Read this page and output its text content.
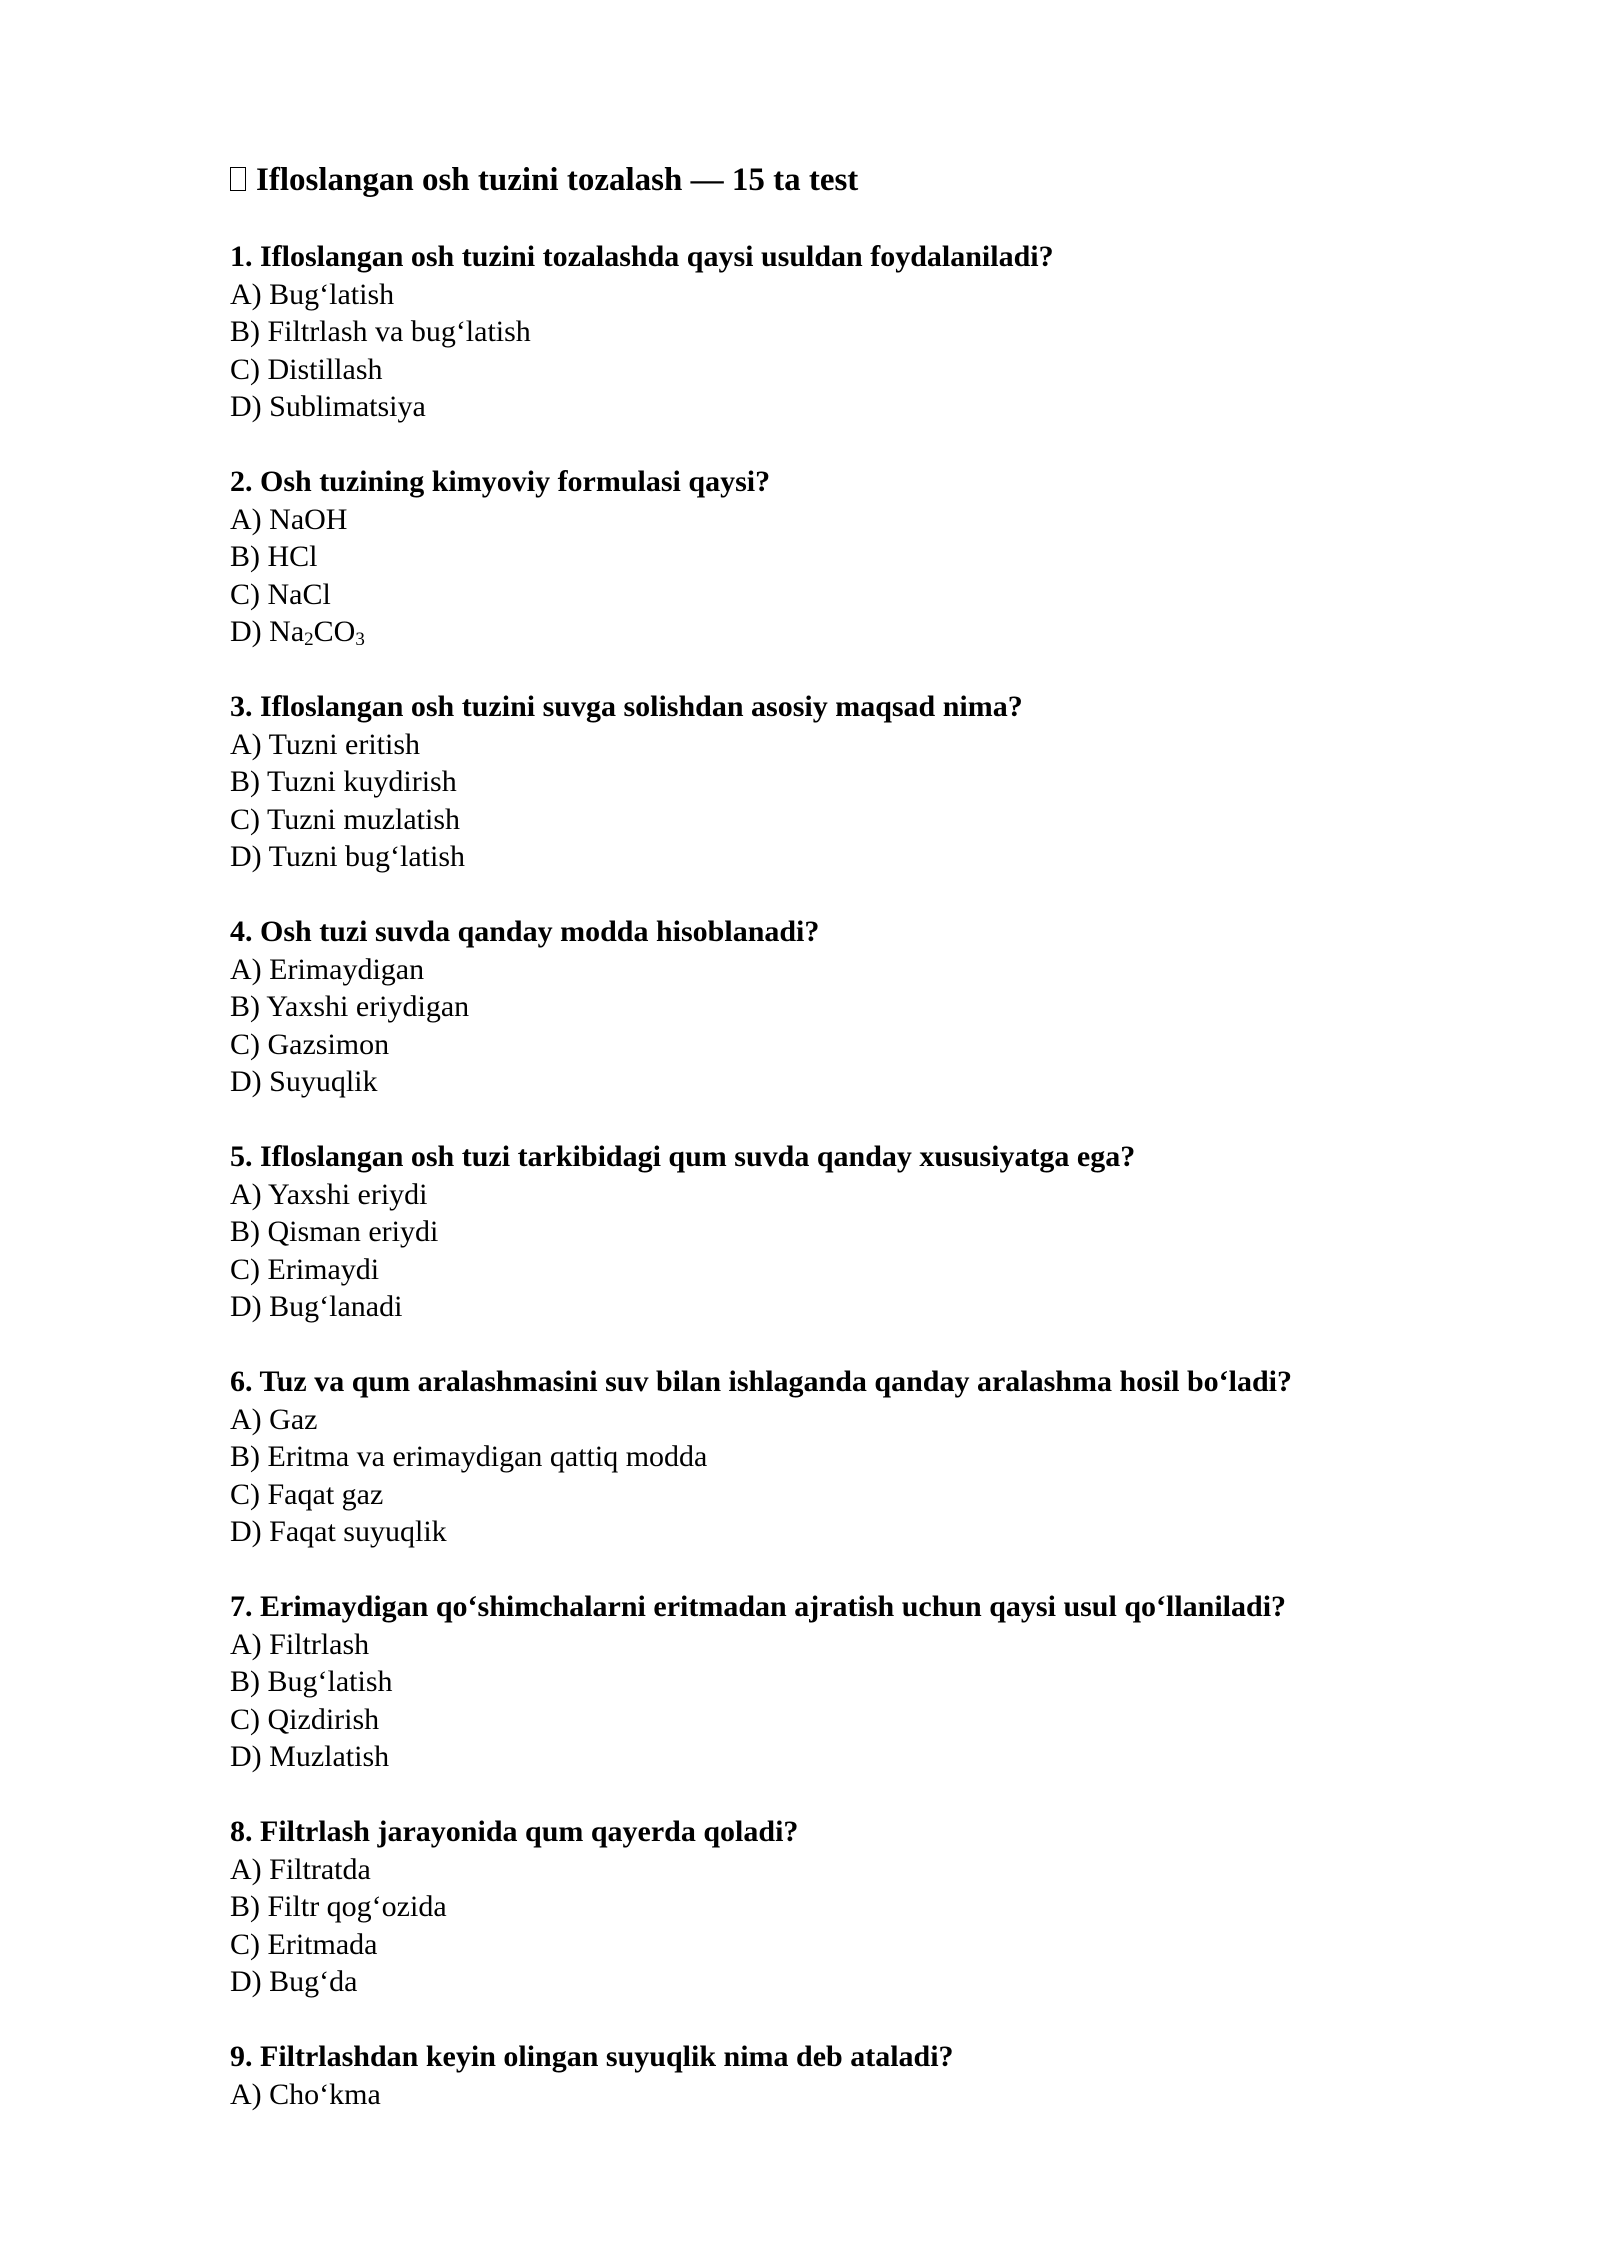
Ifloslangan osh tuzini tozalash — 15 ta test

1. Ifloslangan osh tuzini tozalashda qaysi usuldan foydalaniladi?

A) Bug‘latish

B) Filtrlash va bug‘latish

C) Distillash

D) Sublimatsiya

2. Osh tuzining kimyoviy formulasi qaysi?

A) NaOH

B) HCl

C) NaCl

D) $Na_2CO_3$

3. Ifloslangan osh tuzini suvga solishdan asosiy maqsad nima?

A) Tuzni eritish

B) Tuzni kuydirish

C) Tuzni muzlatish

D) Tuzni bug‘latish

4. Osh tuzi suvda qanday modda hisoblanadi?

A) Erimaydigan

B) Yaxshi eriydigan

C) Gazsimon

D) Suyuqlik

5. Ifloslangan osh tuzi tarkibidagi qum suvda qanday xususiyatga ega?

A) Yaxshi eriydi

B) Qisman eriydi

C) Erimaydi

D) Bug‘lanadi

6. Tuz va qum aralashmasini suv bilan ishlaganda qanday aralashma hosil bo‘ladi?

A) Gaz

B) Eritma va erimaydigan qattiq modda

C) Faqat gaz

D) Faqat suyuqlik

7. Erimaydigan qo‘shimchalarni eritmadan ajratish uchun qaysi usul qo‘llaniladi?

A) Filtrlash

B) Bug‘latish

C) Qizdirish

D) Muzlatish

8. Filtrlash jarayonida qum qayerda qoladi?

A) Filtratda

B) Filtr qog‘ozida

C) Eritmada

D) Bug‘da

9. Filtrlashdan keyin olingan suyuqlik nima deb ataladi?

A) Cho‘kma
